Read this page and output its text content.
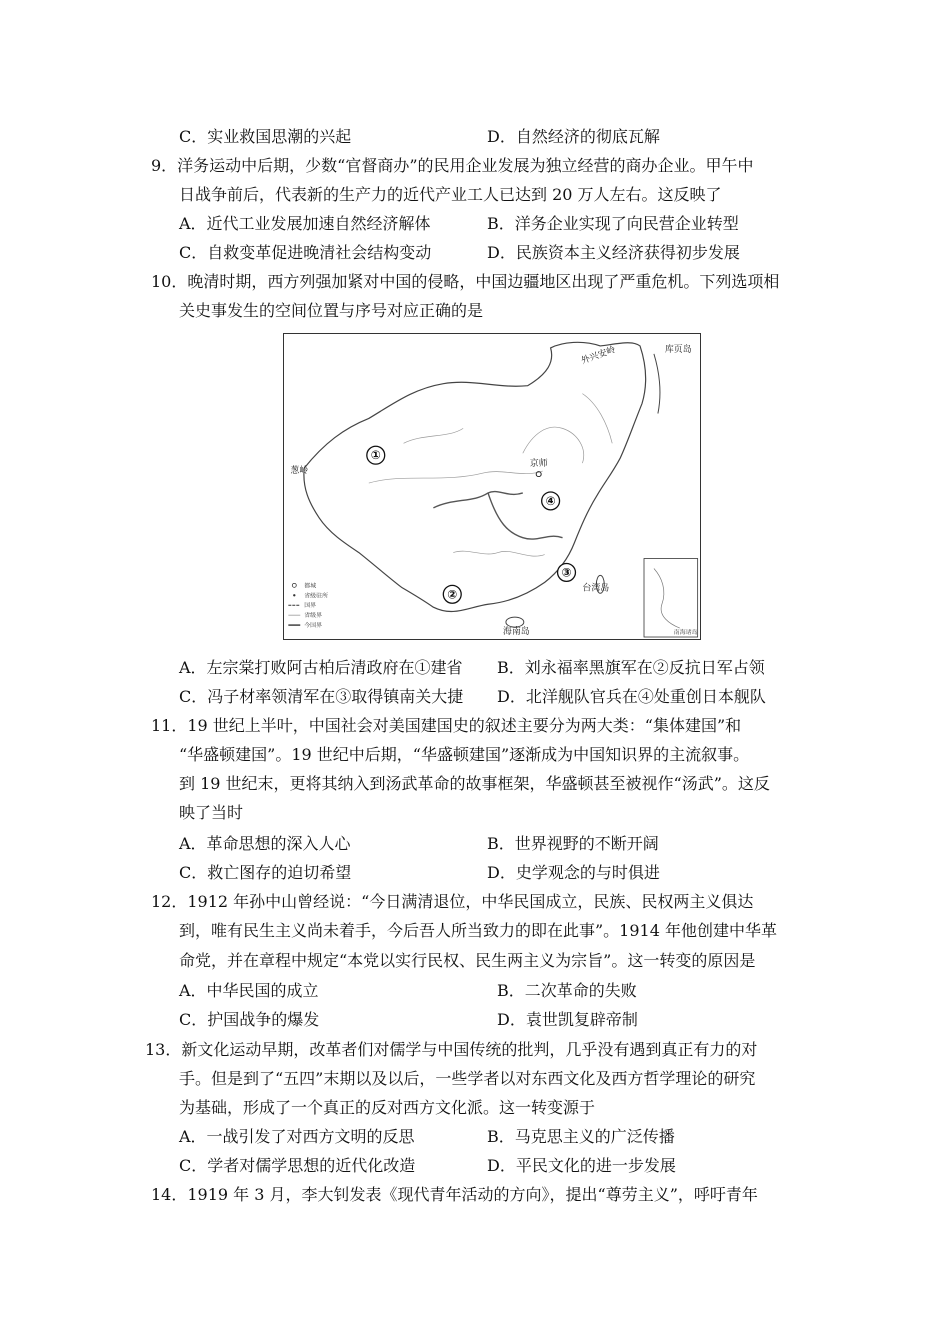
C．实业救国思潮的兴起	D．自然经济的彻底瓦解
9．洋务运动中后期，少数“官督商办”的民用企业发展为独立经营的商办企业。甲午中
日战争前后，代表新的生产力的近代产业工人已达到 20 万人左右。这反映了
A．近代工业发展加速自然经济解体	B．洋务企业实现了向民营企业转型
C．自救变革促进晚清社会结构变动	D．民族资本主义经济获得初步发展
10．晚清时期，西方列强加紧对中国的侵略，中国边疆地区出现了严重危机。下列选项相
关史事发生的空间位置与序号对应正确的是
①
②
③
④
京师
台湾岛
海南岛
葱岭
外兴安岭	库页岛
都城
省级驻所
国界
省级界
今国界
南海诸岛
A．左宗棠打败阿古柏后清政府在①建省 B．刘永福率黑旗军在②反抗日军占领
C．冯子材率领清军在③取得镇南关大捷 D．北洋舰队官兵在④处重创日本舰队
11．19 世纪上半叶，中国社会对美国建国史的叙述主要分为两大类：“集体建国”和
“华盛顿建国”。19 世纪中后期，“华盛顿建国”逐渐成为中国知识界的主流叙事。
到 19 世纪末，更将其纳入到汤武革命的故事框架，华盛顿甚至被视作“汤武”。这反
映了当时
A．革命思想的深入人心	B．世界视野的不断开阔
C．救亡图存的迫切希望	D．史学观念的与时俱进
12．1912 年孙中山曾经说：“今日满清退位，中华民国成立，民族、民权两主义俱达
到，唯有民生主义尚未着手，今后吾人所当致力的即在此事”。1914 年他创建中华革
命党，并在章程中规定“本党以实行民权、民生两主义为宗旨”。这一转变的原因是
A．中华民国的成立	B．二次革命的失败
C．护国战争的爆发	D．袁世凯复辟帝制
13．新文化运动早期，改革者们对儒学与中国传统的批判，几乎没有遇到真正有力的对
手。但是到了“五四”末期以及以后，一些学者以对东西文化及西方哲学理论的研究
为基础，形成了一个真正的反对西方文化派。这一转变源于
A．一战引发了对西方文明的反思	B．马克思主义的广泛传播
C．学者对儒学思想的近代化改造	D．平民文化的进一步发展
14．1919 年 3 月，李大钊发表《现代青年活动的方向》，提出“尊劳主义”，呼吁青年
